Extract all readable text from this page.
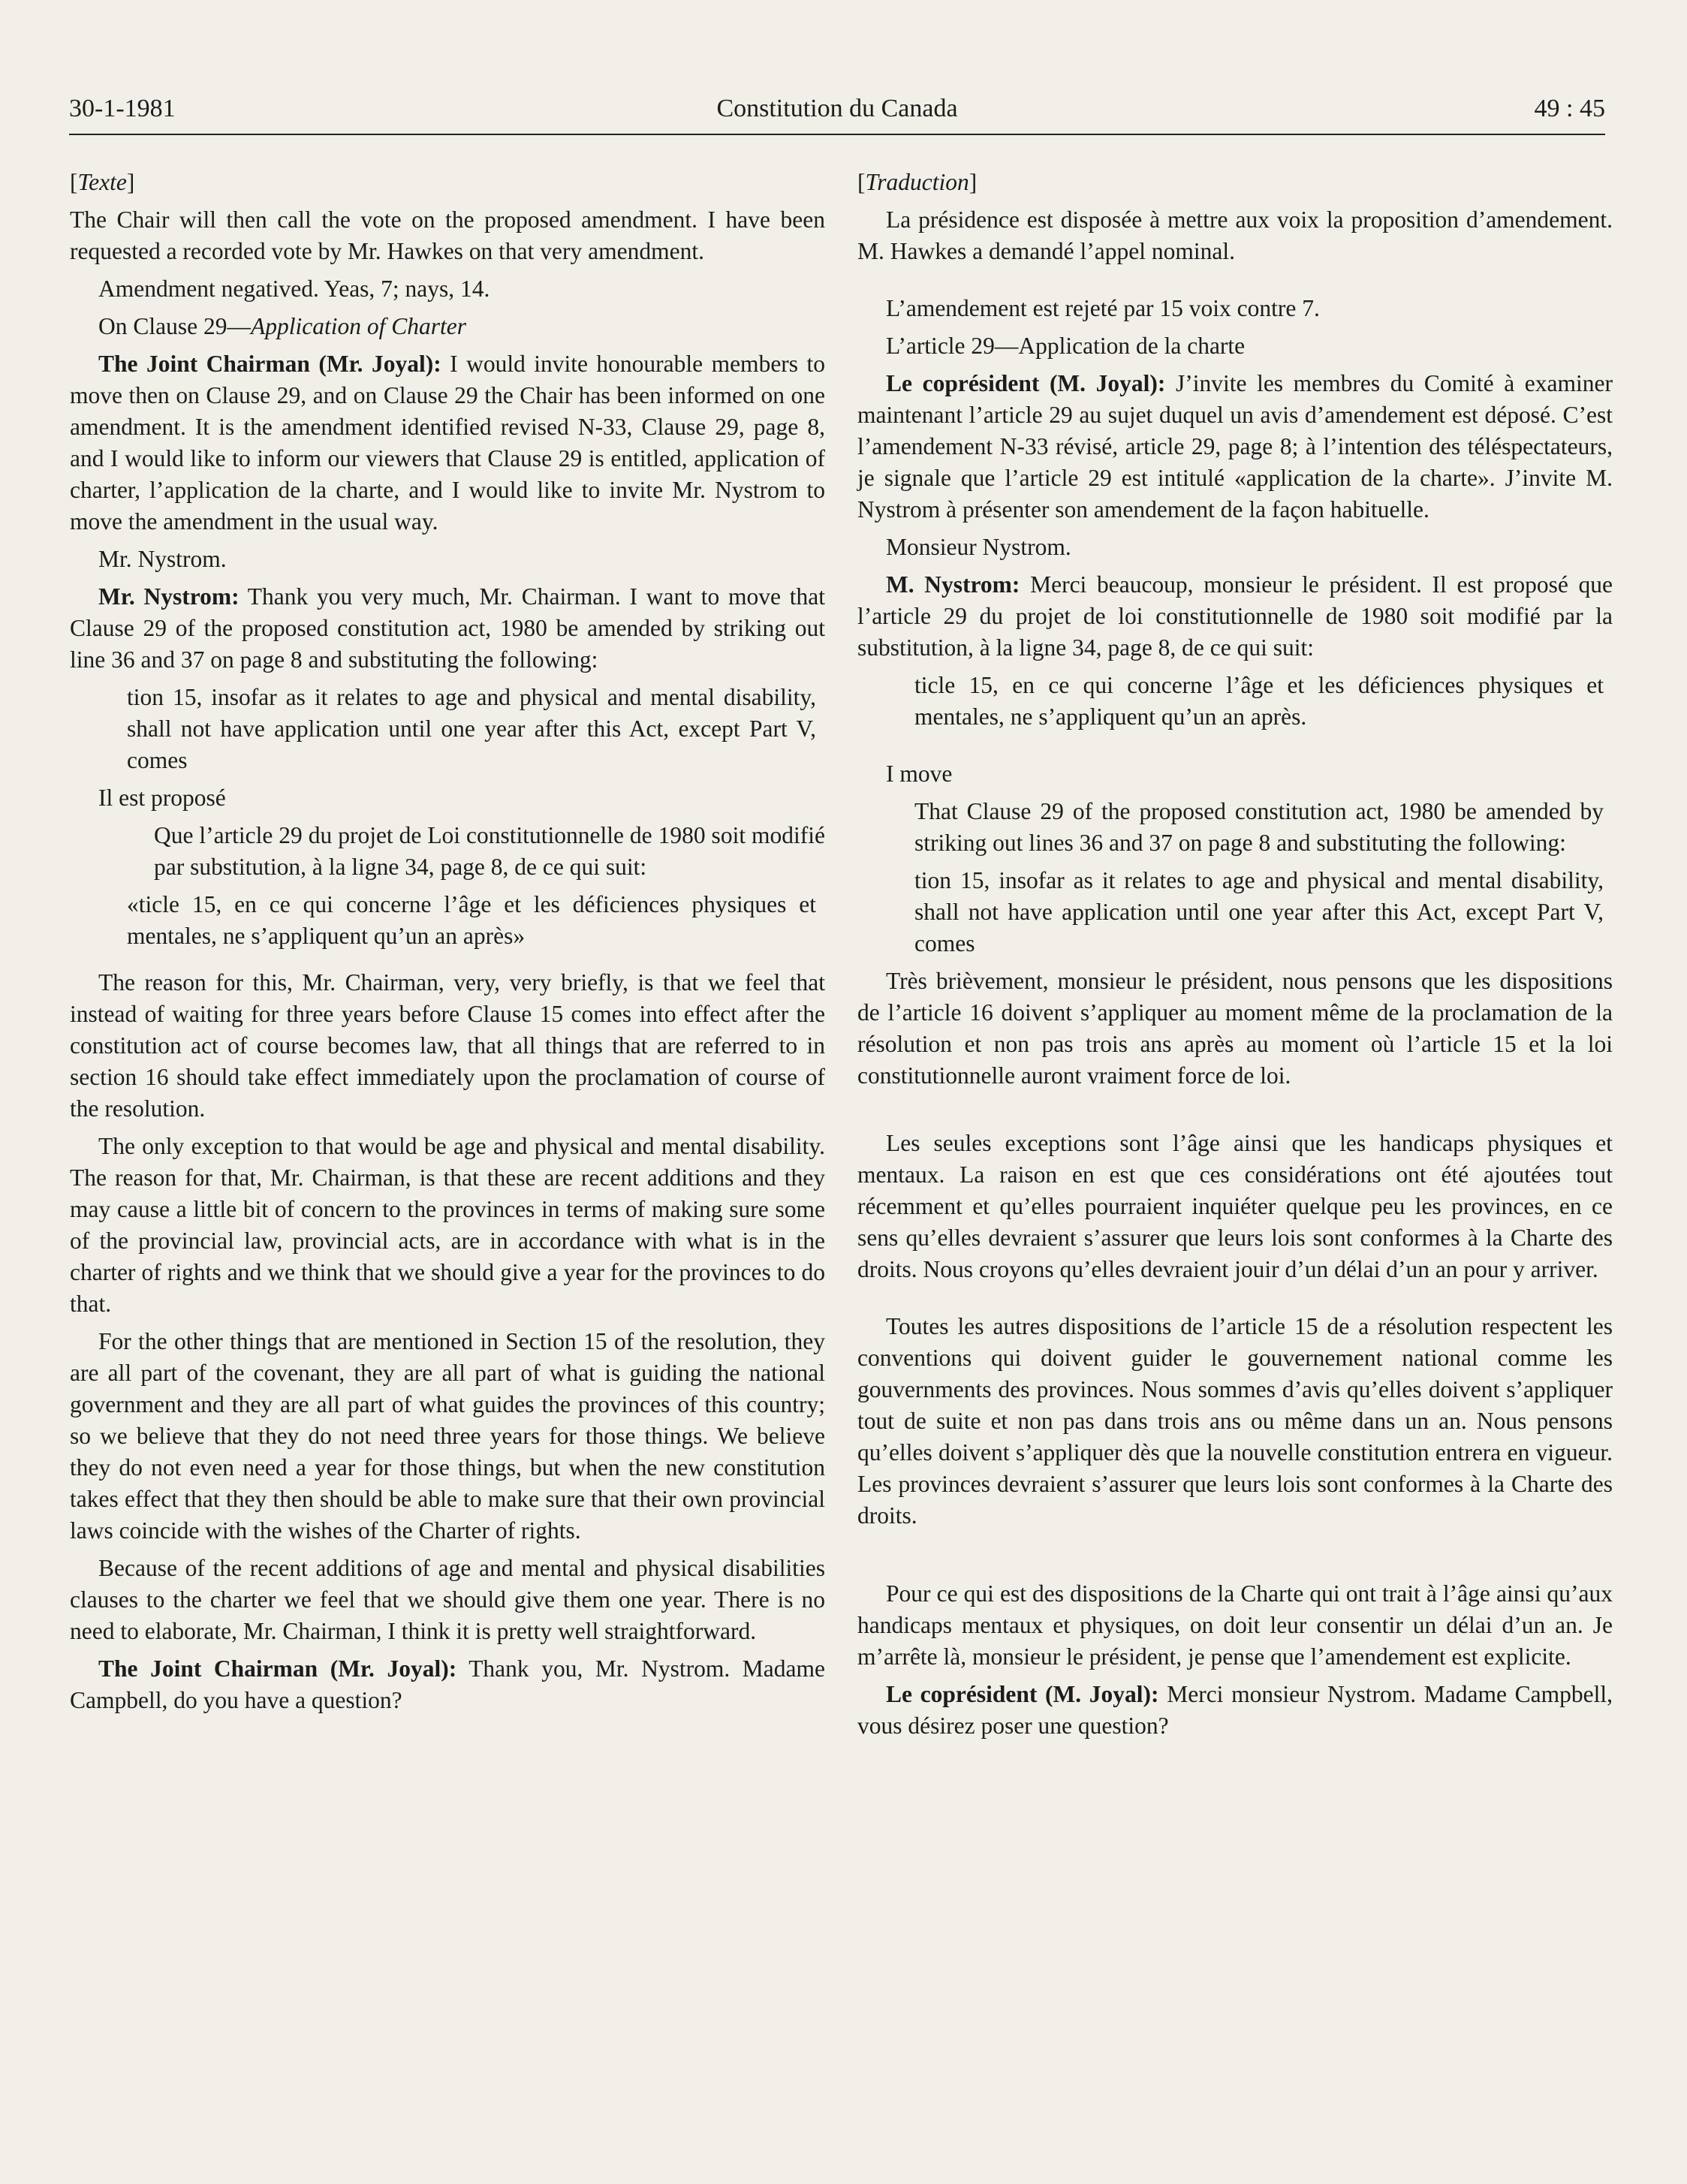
30-1-1981	Constitution du Canada	49 : 45

[Texte]

The Chair will then call the vote on the proposed amendment. I have been requested a recorded vote by Mr. Hawkes on that very amendment.

Amendment negatived. Yeas, 7; nays, 14.

On Clause 29—Application of Charter

The Joint Chairman (Mr. Joyal): I would invite honourable members to move then on Clause 29, and on Clause 29 the Chair has been informed on one amendment. It is the amendment identified revised N-33, Clause 29, page 8, and I would like to inform our viewers that Clause 29 is entitled, application of charter, l’application de la charte, and I would like to invite Mr. Nystrom to move the amendment in the usual way.

Mr. Nystrom.

Mr. Nystrom: Thank you very much, Mr. Chairman. I want to move that Clause 29 of the proposed constitution act, 1980 be amended by striking out line 36 and 37 on page 8 and substituting the following:

tion 15, insofar as it relates to age and physical and mental disability, shall not have application until one year after this Act, except Part V, comes

Il est proposé

Que l’article 29 du projet de Loi constitutionnelle de 1980 soit modifié par substitution, à la ligne 34, page 8, de ce qui suit:

«ticle 15, en ce qui concerne l’âge et les déficiences physiques et mentales, ne s’appliquent qu’un an après»

The reason for this, Mr. Chairman, very, very briefly, is that we feel that instead of waiting for three years before Clause 15 comes into effect after the constitution act of course becomes law, that all things that are referred to in section 16 should take effect immediately upon the proclamation of course of the resolution.

The only exception to that would be age and physical and mental disability. The reason for that, Mr. Chairman, is that these are recent additions and they may cause a little bit of concern to the provinces in terms of making sure some of the provincial law, provincial acts, are in accordance with what is in the charter of rights and we think that we should give a year for the provinces to do that.

For the other things that are mentioned in Section 15 of the resolution, they are all part of the covenant, they are all part of what is guiding the national government and they are all part of what guides the provinces of this country; so we believe that they do not need three years for those things. We believe they do not even need a year for those things, but when the new constitution takes effect that they then should be able to make sure that their own provincial laws coincide with the wishes of the Charter of rights.

Because of the recent additions of age and mental and physical disabilities clauses to the charter we feel that we should give them one year. There is no need to elaborate, Mr. Chairman, I think it is pretty well straightforward.

The Joint Chairman (Mr. Joyal): Thank you, Mr. Nystrom. Madame Campbell, do you have a question?

[Traduction]

La présidence est disposée à mettre aux voix la proposition d’amendement. M. Hawkes a demandé l’appel nominal.

L’amendement est rejeté par 15 voix contre 7.

L’article 29—Application de la charte

Le coprésident (M. Joyal): J’invite les membres du Comité à examiner maintenant l’article 29 au sujet duquel un avis d’amendement est déposé. C’est l’amendement N-33 révisé, article 29, page 8; à l’intention des téléspectateurs, je signale que l’article 29 est intitulé «application de la charte». J’invite M. Nystrom à présenter son amendement de la façon habituelle.

Monsieur Nystrom.

M. Nystrom: Merci beaucoup, monsieur le président. Il est proposé que l’article 29 du projet de loi constitutionnelle de 1980 soit modifié par la substitution, à la ligne 34, page 8, de ce qui suit:

ticle 15, en ce qui concerne l’âge et les déficiences physiques et mentales, ne s’appliquent qu’un an après.

I move

That Clause 29 of the proposed constitution act, 1980 be amended by striking out lines 36 and 37 on page 8 and substituting the following:

tion 15, insofar as it relates to age and physical and mental disability, shall not have application until one year after this Act, except Part V, comes

Très brièvement, monsieur le président, nous pensons que les dispositions de l’article 16 doivent s’appliquer au moment même de la proclamation de la résolution et non pas trois ans après au moment où l’article 15 et la loi constitutionnelle auront vraiment force de loi.

Les seules exceptions sont l’âge ainsi que les handicaps physiques et mentaux. La raison en est que ces considérations ont été ajoutées tout récemment et qu’elles pourraient inquiéter quelque peu les provinces, en ce sens qu’elles devraient s’assurer que leurs lois sont conformes à la Charte des droits. Nous croyons qu’elles devraient jouir d’un délai d’un an pour y arriver.

Toutes les autres dispositions de l’article 15 de a résolution respectent les conventions qui doivent guider le gouvernement national comme les gouvernments des provinces. Nous sommes d’avis qu’elles doivent s’appliquer tout de suite et non pas dans trois ans ou même dans un an. Nous pensons qu’elles doivent s’appliquer dès que la nouvelle constitution entrera en vigueur. Les provinces devraient s’assurer que leurs lois sont conformes à la Charte des droits.

Pour ce qui est des dispositions de la Charte qui ont trait à l’âge ainsi qu’aux handicaps mentaux et physiques, on doit leur consentir un délai d’un an. Je m’arrête là, monsieur le président, je pense que l’amendement est explicite.

Le coprésident (M. Joyal): Merci monsieur Nystrom. Madame Campbell, vous désirez poser une question?
